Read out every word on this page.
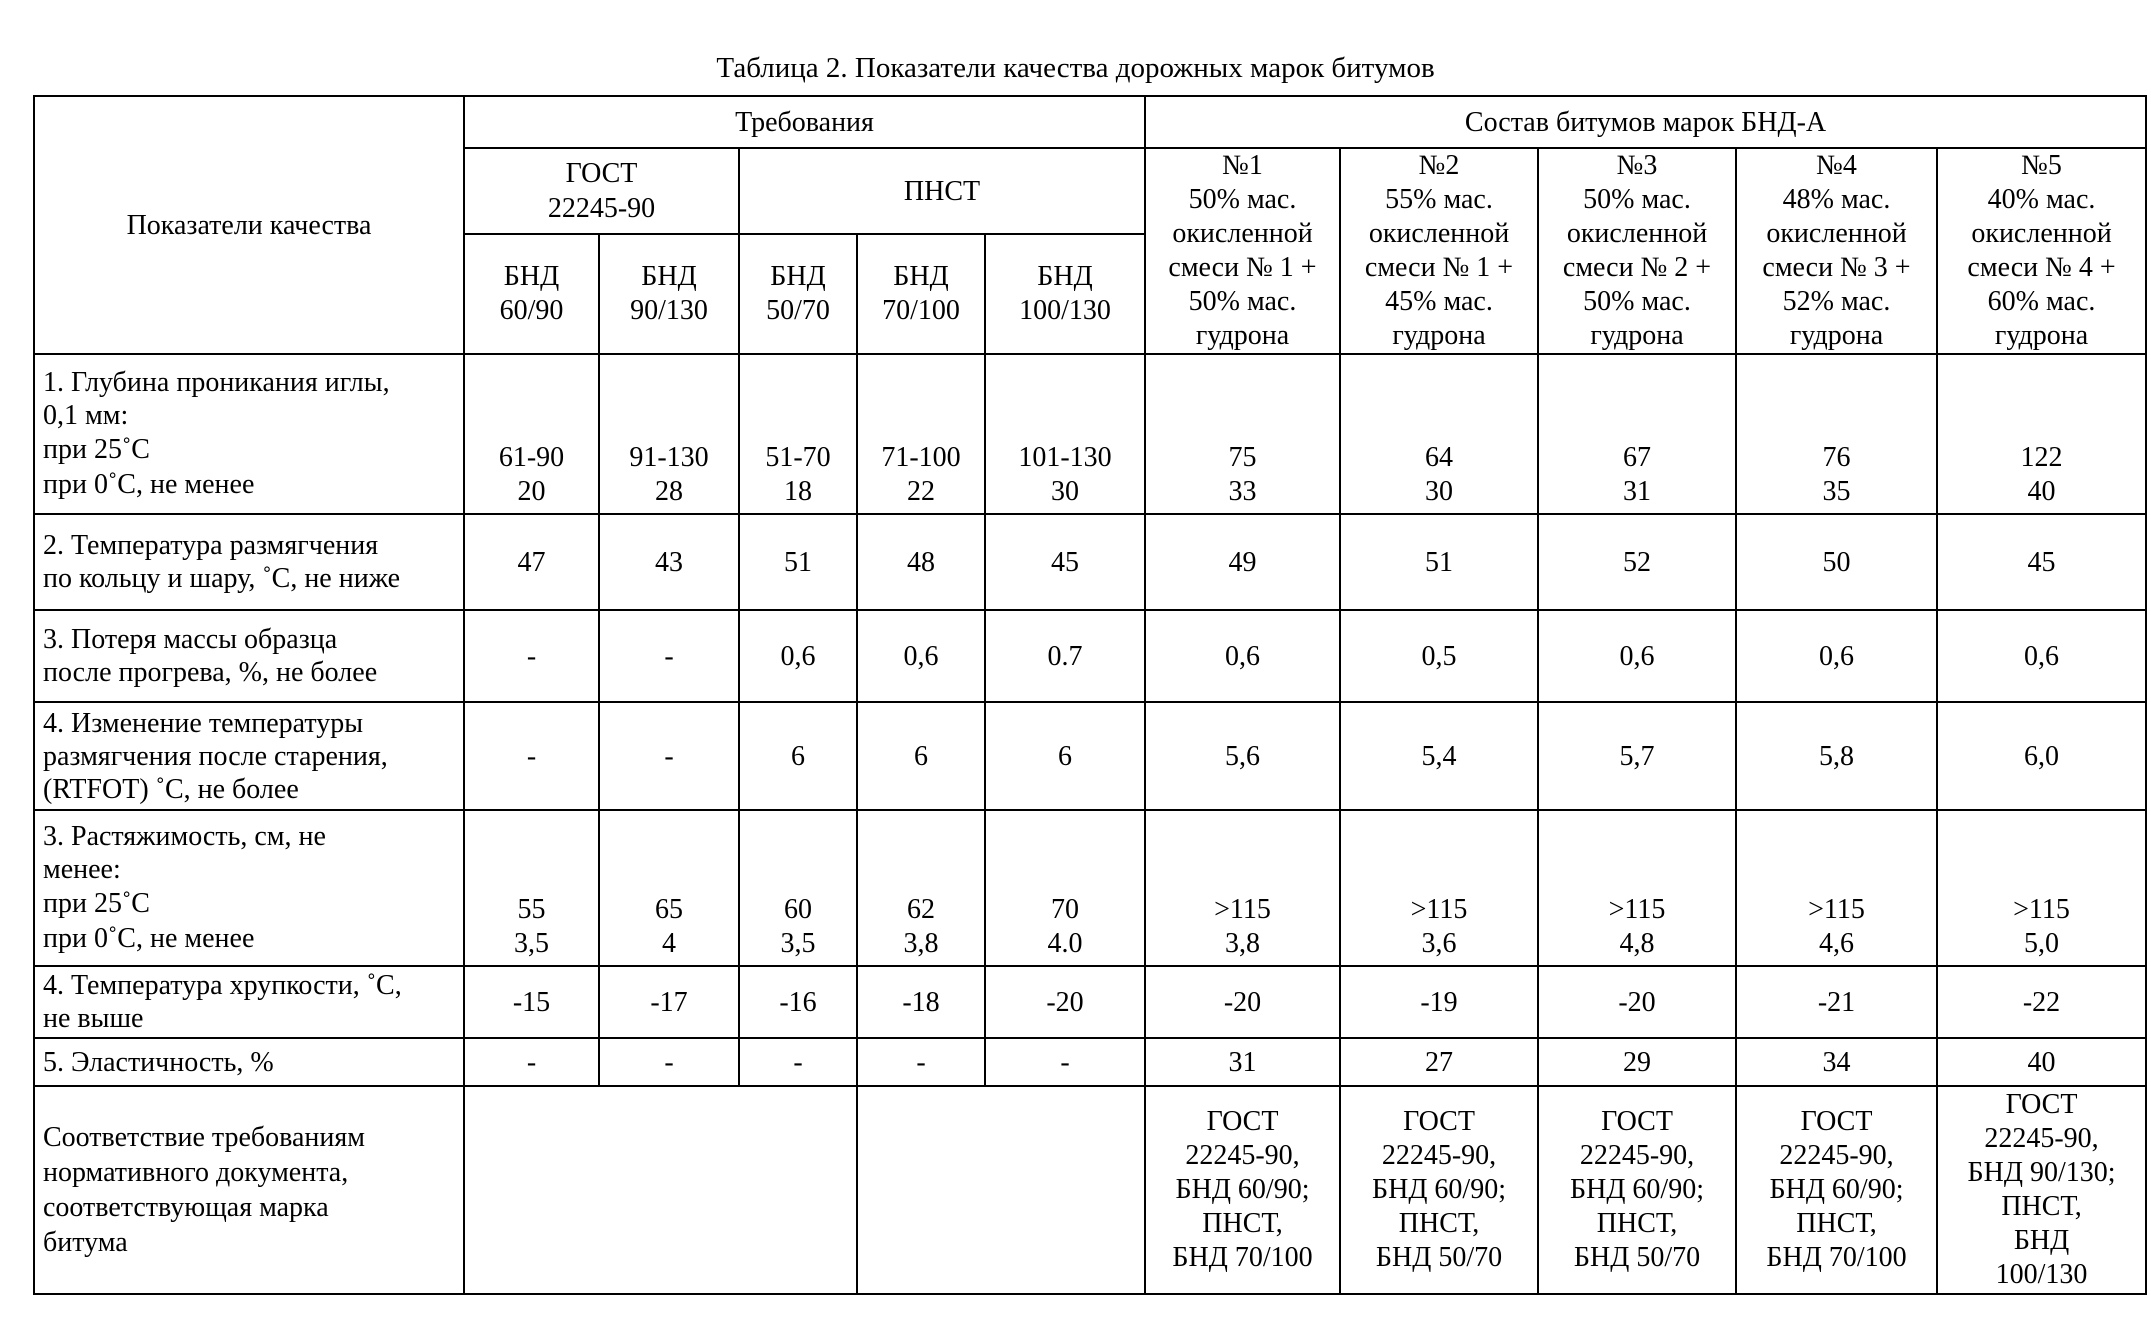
Таблица 2. Показатели качества дорожных марок битумов
Показатели качества	Требования	Состав битумов марок БНД-А

ГОСТ
22245-90
	ПНСТ	
№1
50% мас.
окисленной
смеси № 1 +
50% мас.
гудрона

№2
55% мас.
окисленной
смеси № 1 +
45% мас.
гудрона

№3
50% мас.
окисленной
смеси № 2 +
50% мас.
гудрона

№4
48% мас.
окисленной
смеси № 3 +
52% мас.
гудрона

№5
40% мас.
окисленной
смеси № 4 +
60% мас.
гудрона

БНД
60/90

БНД
90/130

БНД
50/70

БНД
70/100

БНД
100/130

1. Глубина проникания иглы,
0,1 мм:
при 25˚С
при 0˚С, не менее

61-90
20

91-130
28

51-70
18

71-100
22

101-130
30

75
33

64
30

67
31

76
35

122
40

2. Температура размягчения
по кольцу и шару, ˚С, не ниже

47	43	51	48	45	49	51	52	50	45

3. Потеря массы образца
после прогрева, %, не более

-	-	0,6	0,6	0.7	0,6	0,5	0,6	0,6	0,6

4. Изменение температуры
размягчения после старения,
(RTFOT) ˚С, не более

-	-	6	6	6	5,6	5,4	5,7	5,8	6,0

3. Растяжимость, см, не
менее:
при 25˚С
при 0˚С, не менее

55
3,5

65
4

60
3,5

62
3,8

70
4.0

>115
3,8

>115
3,6

>115
4,8

>115
4,6

>115
5,0

4. Температура хрупкости, ˚С,
не выше

-15	-17	-16	-18	-20	-20	-19	-20	-21	-22

5. Эластичность, %	-	-	-	-	-	31	27	29	34	40

Соответствие требованиям
нормативного документа,
соответствующая марка
битума

ГОСТ
22245-90,
БНД 60/90;
ПНСТ,
БНД 70/100

ГОСТ
22245-90,
БНД 60/90;
ПНСТ,
БНД 50/70

ГОСТ
22245-90,
БНД 60/90;
ПНСТ,
БНД 50/70

ГОСТ
22245-90,
БНД 60/90;
ПНСТ,
БНД 70/100

ГОСТ
22245-90,
БНД 90/130;
ПНСТ,
БНД
100/130
